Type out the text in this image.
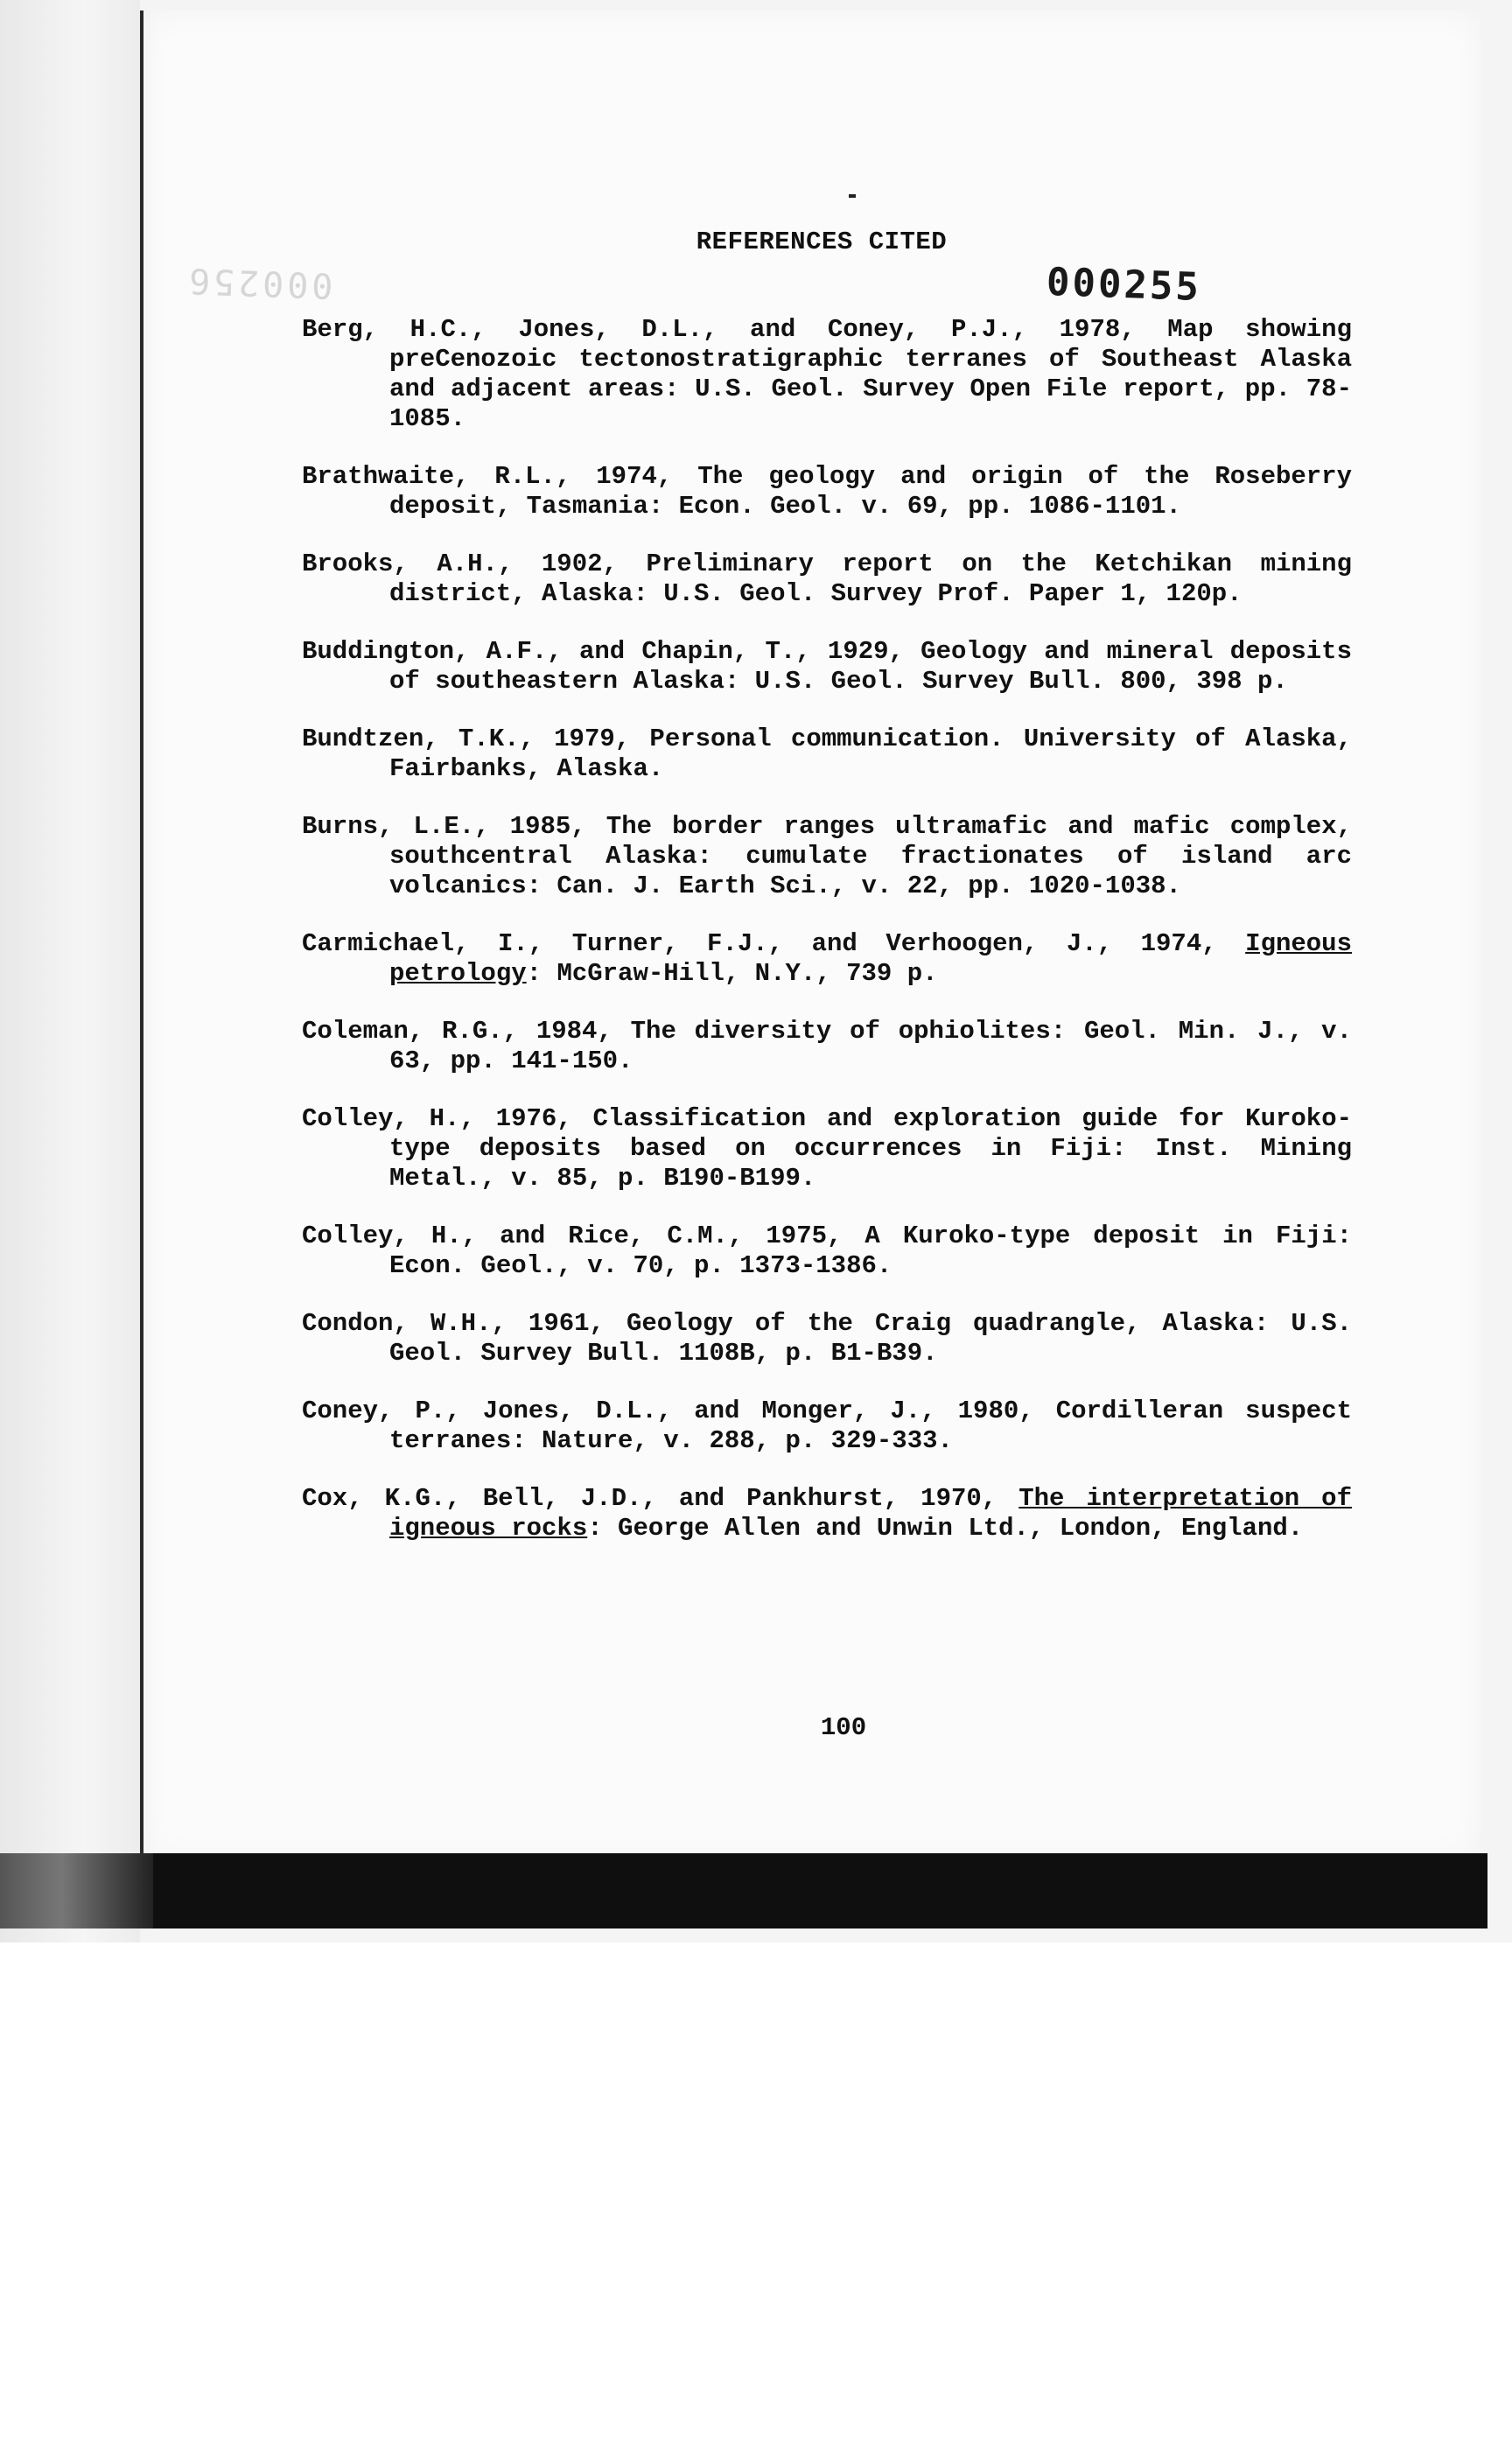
000256
REFERENCES CITED
000255
Berg, H.C., Jones, D.L., and Coney, P.J., 1978, Map showing preCenozoic tectonostratigraphic terranes of Southeast Alaska and adjacent areas: U.S. Geol. Survey Open File report, pp. 78-1085.
Brathwaite, R.L., 1974, The geology and origin of the Roseberry deposit, Tasmania: Econ. Geol. v. 69, pp. 1086-1101.
Brooks, A.H., 1902, Preliminary report on the Ketchikan mining district, Alaska: U.S. Geol. Survey Prof. Paper 1, 120p.
Buddington, A.F., and Chapin, T., 1929, Geology and mineral deposits of southeastern Alaska: U.S. Geol. Survey Bull. 800, 398 p.
Bundtzen, T.K., 1979, Personal communication. University of Alaska, Fairbanks, Alaska.
Burns, L.E., 1985, The border ranges ultramafic and mafic complex, southcentral Alaska: cumulate fractionates of island arc volcanics: Can. J. Earth Sci., v. 22, pp. 1020-1038.
Carmichael, I., Turner, F.J., and Verhoogen, J., 1974, Igneous petrology: McGraw-Hill, N.Y., 739 p.
Coleman, R.G., 1984, The diversity of ophiolites: Geol. Min. J., v. 63, pp. 141-150.
Colley, H., 1976, Classification and exploration guide for Kuroko-type deposits based on occurrences in Fiji: Inst. Mining Metal., v. 85, p. B190-B199.
Colley, H., and Rice, C.M., 1975, A Kuroko-type deposit in Fiji: Econ. Geol., v. 70, p. 1373-1386.
Condon, W.H., 1961, Geology of the Craig quadrangle, Alaska: U.S. Geol. Survey Bull. 1108B, p. B1-B39.
Coney, P., Jones, D.L., and Monger, J., 1980, Cordilleran suspect terranes: Nature, v. 288, p. 329-333.
Cox, K.G., Bell, J.D., and Pankhurst, 1970, The interpretation of igneous rocks: George Allen and Unwin Ltd., London, England.
100
